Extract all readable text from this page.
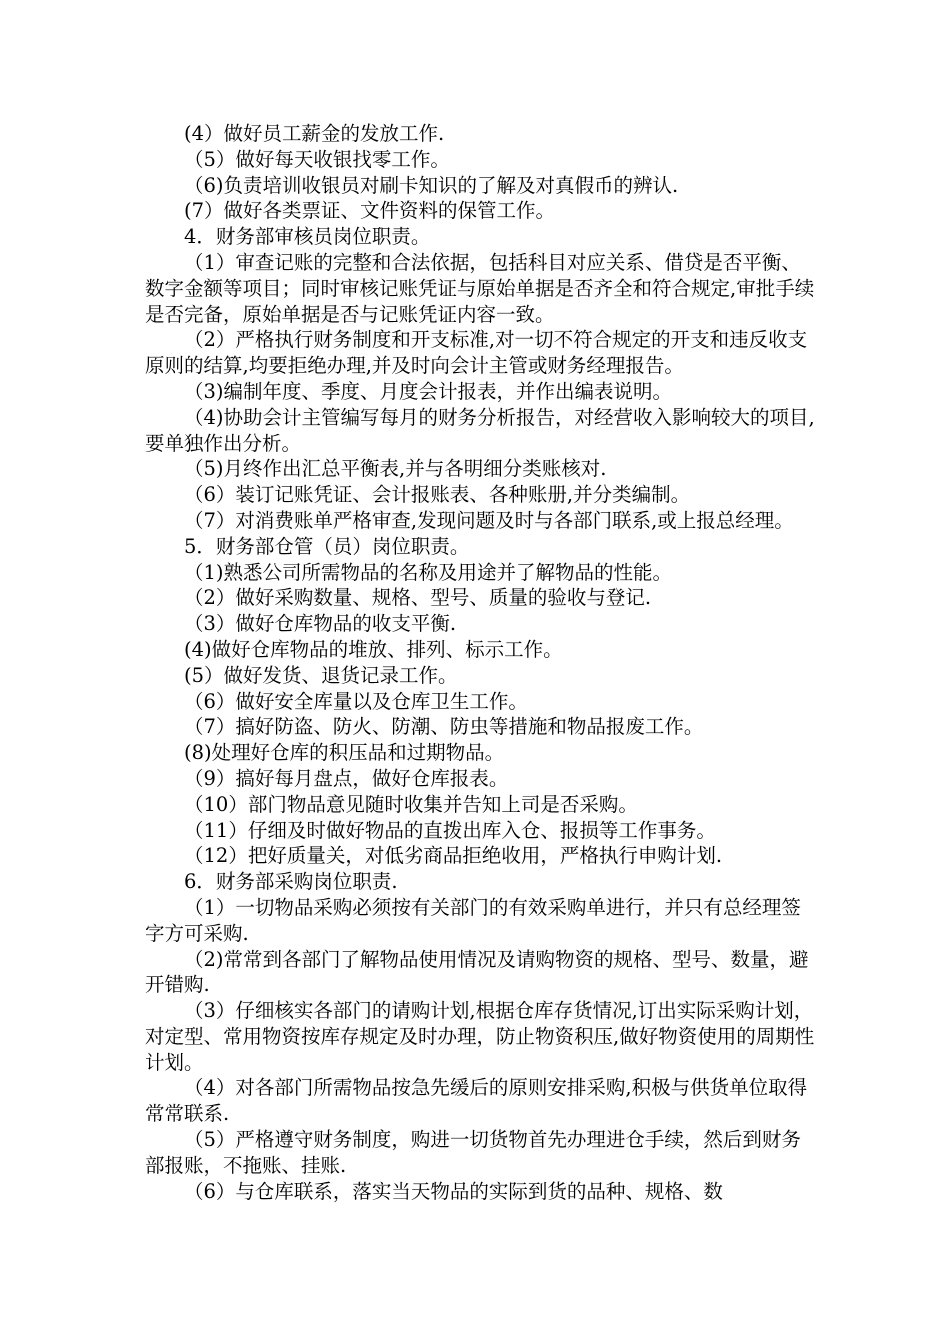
(4）做好员工薪金的发放工作.

（5）做好每天收银找零工作。

（6)负责培训收银员对刷卡知识的了解及对真假币的辨认.

(7）做好各类票证、文件资料的保管工作。

4．财务部审核员岗位职责。

（1）审查记账的完整和合法依据，包括科目对应关系、借贷是否平衡、数字金额等项目；同时审核记账凭证与原始单据是否齐全和符合规定,审批手续是否完备，原始单据是否与记账凭证内容一致。

（2）严格执行财务制度和开支标准,对一切不符合规定的开支和违反收支原则的结算,均要拒绝办理,并及时向会计主管或财务经理报告。

（3)编制年度、季度、月度会计报表，并作出编表说明。

（4)协助会计主管编写每月的财务分析报告，对经营收入影响较大的项目,要单独作出分析。

（5)月终作出汇总平衡表,并与各明细分类账核对.

（6）装订记账凭证、会计报账表、各种账册,并分类编制。

（7）对消费账单严格审查,发现问题及时与各部门联系,或上报总经理。

5．财务部仓管（员）岗位职责。

（1)熟悉公司所需物品的名称及用途并了解物品的性能。

（2）做好采购数量、规格、型号、质量的验收与登记.

（3）做好仓库物品的收支平衡.

(4)做好仓库物品的堆放、排列、标示工作。

(5）做好发货、退货记录工作。

（6）做好安全库量以及仓库卫生工作。

（7）搞好防盗、防火、防潮、防虫等措施和物品报废工作。

(8)处理好仓库的积压品和过期物品。

（9）搞好每月盘点，做好仓库报表。

（10）部门物品意见随时收集并告知上司是否采购。

（11）仔细及时做好物品的直拨出库入仓、报损等工作事务。

（12）把好质量关，对低劣商品拒绝收用，严格执行申购计划.

6．财务部采购岗位职责.

（1）一切物品采购必须按有关部门的有效采购单进行，并只有总经理签字方可采购.

（2)常常到各部门了解物品使用情况及请购物资的规格、型号、数量，避开错购.

（3）仔细核实各部门的请购计划,根据仓库存货情况,订出实际采购计划，对定型、常用物资按库存规定及时办理，防止物资积压,做好物资使用的周期性计划。

（4）对各部门所需物品按急先缓后的原则安排采购,积极与供货单位取得常常联系.

（5）严格遵守财务制度，购进一切货物首先办理进仓手续，然后到财务部报账，不拖账、挂账.

（6）与仓库联系，落实当天物品的实际到货的品种、规格、数
